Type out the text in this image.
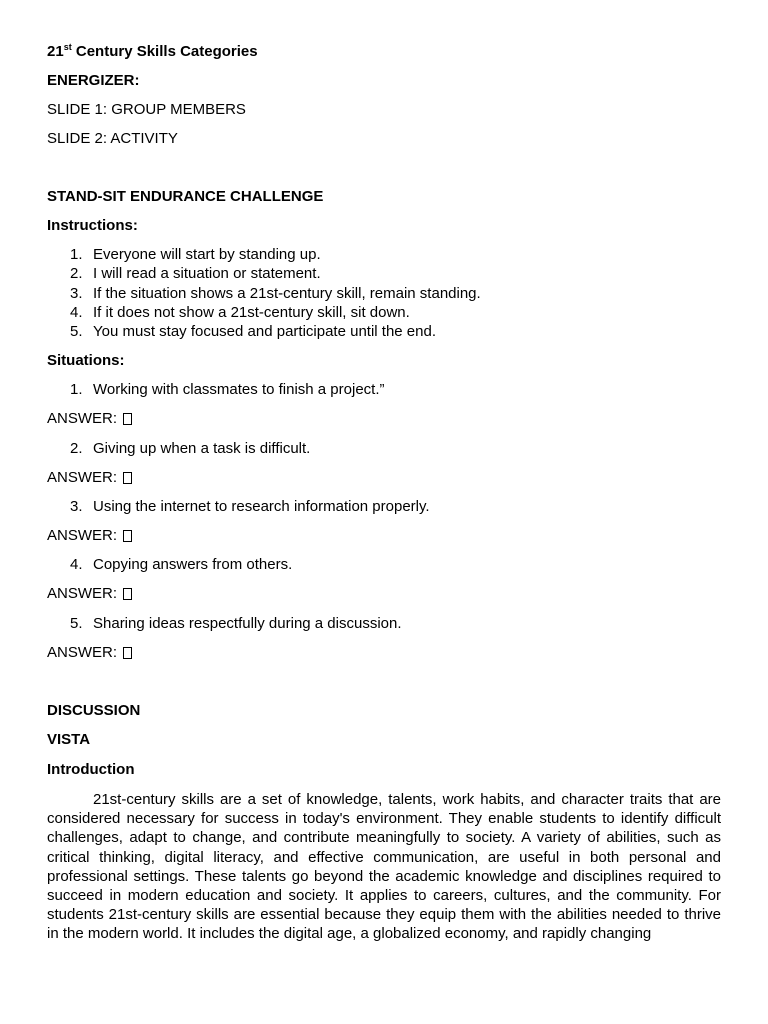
21st Century Skills Categories

ENERGIZER:

SLIDE 1: GROUP MEMBERS

SLIDE 2: ACTIVITY

STAND-SIT ENDURANCE CHALLENGE

Instructions:

1. Everyone will start by standing up.

2. I will read a situation or statement.

3. If the situation shows a 21st-century skill, remain standing.

4. If it does not show a 21st-century skill, sit down.

5. You must stay focused and participate until the end.

Situations:

1. Working with classmates to finish a project.”

ANSWER:

2. Giving up when a task is difficult.

ANSWER:

3. Using the internet to research information properly.

ANSWER:

4. Copying answers from others.

ANSWER:

5. Sharing ideas respectfully during a discussion.

ANSWER:

DISCUSSION

VISTA

Introduction

21st-century skills are a set of knowledge, talents, work habits, and character traits that are considered necessary for success in today's environment. They enable students to identify difficult challenges, adapt to change, and contribute meaningfully to society. A variety of abilities, such as critical thinking, digital literacy, and effective communication, are useful in both personal and professional settings. These talents go beyond the academic knowledge and disciplines required to succeed in modern education and society. It applies to careers, cultures, and the community. For students 21st-century skills are essential because they equip them with the abilities needed to thrive in the modern world. It includes the digital age, a globalized economy, and rapidly changing
